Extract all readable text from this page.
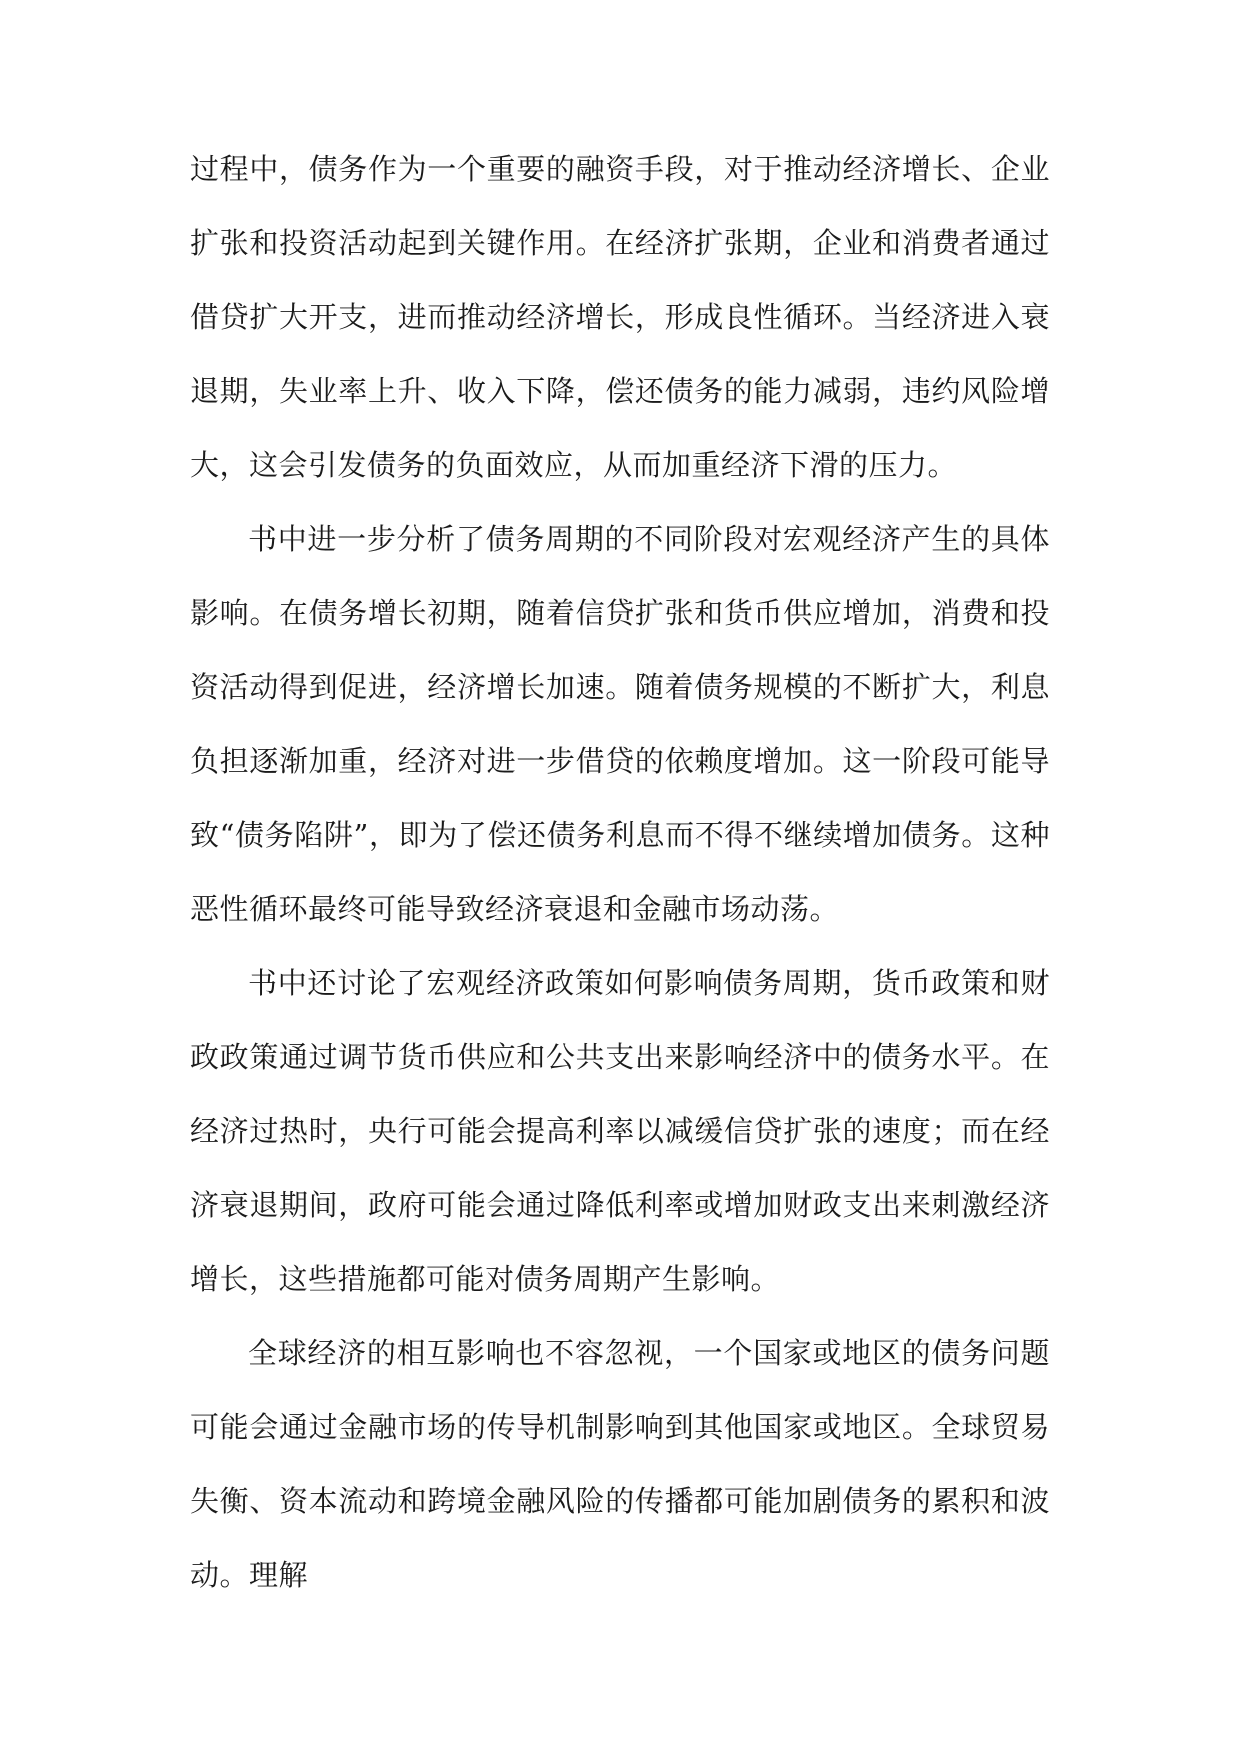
过程中，债务作为一个重要的融资手段，对于推动经济增长、企业扩张和投资活动起到关键作用。在经济扩张期，企业和消费者通过借贷扩大开支，进而推动经济增长，形成良性循环。当经济进入衰退期，失业率上升、收入下降，偿还债务的能力减弱，违约风险增大，这会引发债务的负面效应，从而加重经济下滑的压力。

书中进一步分析了债务周期的不同阶段对宏观经济产生的具体影响。在债务增长初期，随着信贷扩张和货币供应增加，消费和投资活动得到促进，经济增长加速。随着债务规模的不断扩大，利息负担逐渐加重，经济对进一步借贷的依赖度增加。这一阶段可能导致“债务陷阱”，即为了偿还债务利息而不得不继续增加债务。这种恶性循环最终可能导致经济衰退和金融市场动荡。

书中还讨论了宏观经济政策如何影响债务周期，货币政策和财政政策通过调节货币供应和公共支出来影响经济中的债务水平。在经济过热时，央行可能会提高利率以减缓信贷扩张的速度；而在经济衰退期间，政府可能会通过降低利率或增加财政支出来刺激经济增长，这些措施都可能对债务周期产生影响。

全球经济的相互影响也不容忽视，一个国家或地区的债务问题可能会通过金融市场的传导机制影响到其他国家或地区。全球贸易失衡、资本流动和跨境金融风险的传播都可能加剧债务的累积和波动。理解
